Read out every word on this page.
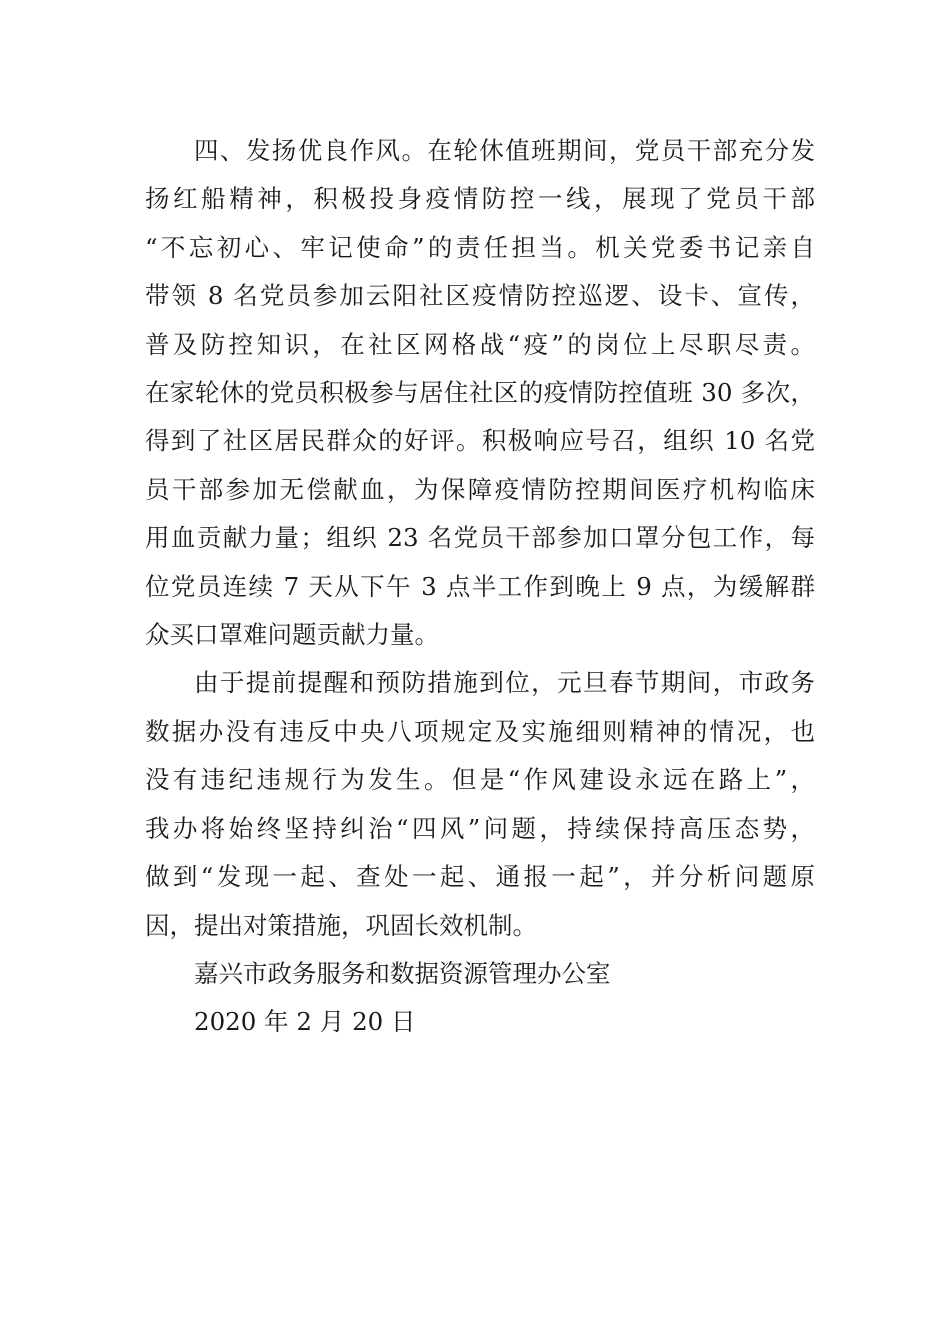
四、发扬优良作风。在轮休值班期间，党员干部充分发
扬红船精神，积极投身疫情防控一线，展现了党员干部
“不忘初心、牢记使命”的责任担当。机关党委书记亲自
带领 8 名党员参加云阳社区疫情防控巡逻、设卡、宣传，
普及防控知识，在社区网格战“疫”的岗位上尽职尽责。
在家轮休的党员积极参与居住社区的疫情防控值班 30 多次，
得到了社区居民群众的好评。积极响应号召，组织 10 名党
员干部参加无偿献血，为保障疫情防控期间医疗机构临床
用血贡献力量；组织 23 名党员干部参加口罩分包工作，每
位党员连续 7 天从下午 3 点半工作到晚上 9 点，为缓解群
众买口罩难问题贡献力量。
由于提前提醒和预防措施到位，元旦春节期间，市政务
数据办没有违反中央八项规定及实施细则精神的情况，也
没有违纪违规行为发生。但是“作风建设永远在路上”，
我办将始终坚持纠治“四风”问题，持续保持高压态势，
做到“发现一起、查处一起、通报一起”，并分析问题原
因，提出对策措施，巩固长效机制。

嘉兴市政务服务和数据资源管理办公室

2020 年 2 月 20 日
